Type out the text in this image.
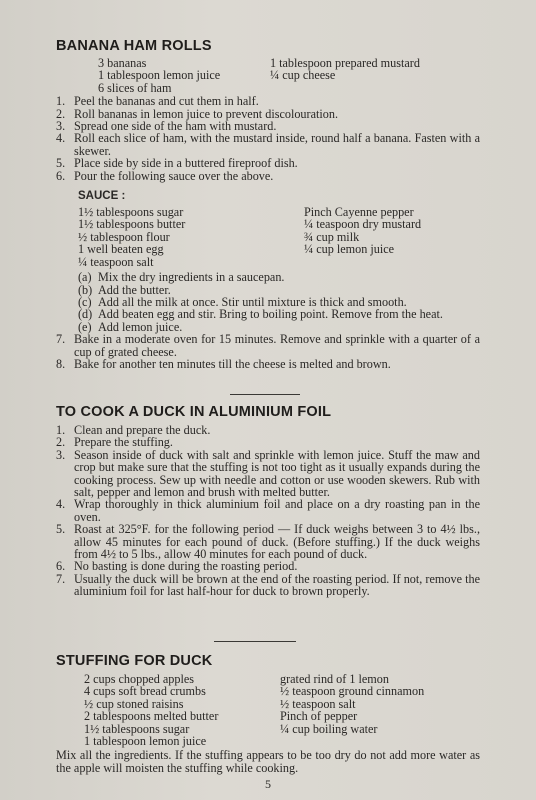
BANANA HAM ROLLS
3 bananas
1 tablespoon lemon juice
6 slices of ham
1 tablespoon prepared mustard
¼ cup cheese
1. Peel the bananas and cut them in half.
2. Roll bananas in lemon juice to prevent discolouration.
3. Spread one side of the ham with mustard.
4. Roll each slice of ham, with the mustard inside, round half a banana. Fasten with a skewer.
5. Place side by side in a buttered fireproof dish.
6. Pour the following sauce over the above.
SAUCE :
1½ tablespoons sugar
1½ tablespoons butter
½ tablespoon flour
1 well beaten egg
¼ teaspoon salt
Pinch Cayenne pepper
¼ teaspoon dry mustard
¾ cup milk
¼ cup lemon juice
(a) Mix the dry ingredients in a saucepan.
(b) Add the butter.
(c) Add all the milk at once. Stir until mixture is thick and smooth.
(d) Add beaten egg and stir. Bring to boiling point. Remove from the heat.
(e) Add lemon juice.
7. Bake in a moderate oven for 15 minutes. Remove and sprinkle with a quarter of a cup of grated cheese.
8. Bake for another ten minutes till the cheese is melted and brown.
TO COOK A DUCK IN ALUMINIUM FOIL
1. Clean and prepare the duck.
2. Prepare the stuffing.
3. Season inside of duck with salt and sprinkle with lemon juice. Stuff the maw and crop but make sure that the stuffing is not too tight as it usually expands during the cooking process. Sew up with needle and cotton or use wooden skewers. Rub with salt, pepper and lemon and brush with melted butter.
4. Wrap thoroughly in thick aluminium foil and place on a dry roasting pan in the oven.
5. Roast at 325°F. for the following period — If duck weighs between 3 to 4½ lbs., allow 45 minutes for each pound of duck. (Before stuffing.) If the duck weighs from 4½ to 5 lbs., allow 40 minutes for each pound of duck.
6. No basting is done during the roasting period.
7. Usually the duck will be brown at the end of the roasting period. If not, remove the aluminium foil for last half-hour for duck to brown properly.
STUFFING FOR DUCK
2 cups chopped apples
4 cups soft bread crumbs
½ cup stoned raisins
2 tablespoons melted butter
1½ tablespoons sugar
1 tablespoon lemon juice
grated rind of 1 lemon
½ teaspoon ground cinnamon
½ teaspoon salt
Pinch of pepper
¼ cup boiling water
Mix all the ingredients. If the stuffing appears to be too dry do not add more water as the apple will moisten the stuffing while cooking.
5
